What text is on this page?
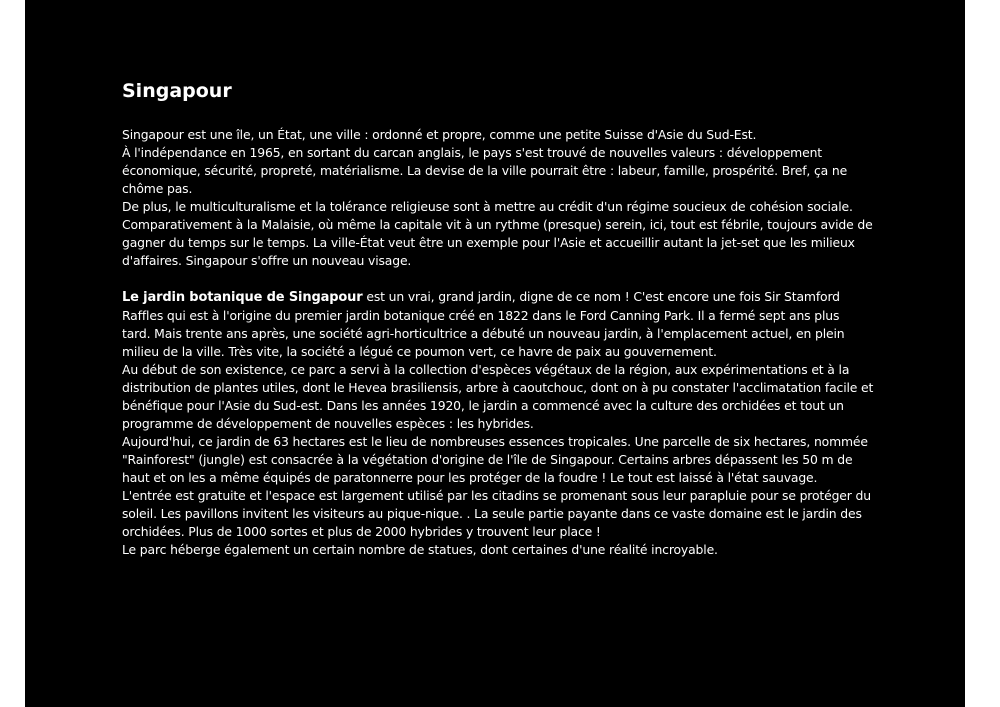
Singapour

Singapour est une île, un État, une ville : ordonné et propre, comme une petite Suisse d'Asie du Sud-Est.
À l'indépendance en 1965, en sortant du carcan anglais, le pays s'est trouvé de nouvelles valeurs : développement
économique, sécurité, propreté, matérialisme. La devise de la ville pourrait être : labeur, famille, prospérité. Bref, ça ne
chôme pas.
De plus, le multiculturalisme et la tolérance religieuse sont à mettre au crédit d'un régime soucieux de cohésion sociale.
Comparativement à la Malaisie, où même la capitale vit à un rythme (presque) serein, ici, tout est fébrile, toujours avide de
gagner du temps sur le temps. La ville-État veut être un exemple pour l'Asie et accueillir autant la jet-set que les milieux
d'affaires. Singapour s'offre un nouveau visage.

Le jardin botanique de Singapour est un vrai, grand jardin, digne de ce nom ! C'est encore une fois Sir Stamford
Raffles qui est à l'origine du premier jardin botanique créé en 1822 dans le Ford Canning Park. Il a fermé sept ans plus
tard. Mais trente ans après, une société agri-horticultrice a débuté un nouveau jardin, à l'emplacement actuel, en plein
milieu de la ville. Très vite, la société a légué ce poumon vert, ce havre de paix au gouvernement.
Au début de son existence, ce parc a servi à la collection d'espèces végétaux de la région, aux expérimentations et à la
distribution de plantes utiles, dont le Hevea brasiliensis, arbre à caoutchouc, dont on à pu constater l'acclimatation facile et
bénéfique pour l'Asie du Sud-est. Dans les années 1920, le jardin a commencé avec la culture des orchidées et tout un
programme de développement de nouvelles espèces : les hybrides.
Aujourd'hui, ce jardin de 63 hectares est le lieu de nombreuses essences tropicales. Une parcelle de six hectares, nommée
"Rainforest" (jungle) est consacrée à la végétation d'origine de l'île de Singapour. Certains arbres dépassent les 50 m de
haut et on les a même équipés de paratonnerre pour les protéger de la foudre ! Le tout est laissé à l'état sauvage.
L'entrée est gratuite et l'espace est largement utilisé par les citadins se promenant sous leur parapluie pour se protéger du
soleil. Les pavillons invitent les visiteurs au pique-nique. . La seule partie payante dans ce vaste domaine est le jardin des
orchidées. Plus de 1000 sortes et plus de 2000 hybrides y trouvent leur place !
Le parc héberge également un certain nombre de statues, dont certaines d'une réalité incroyable.
